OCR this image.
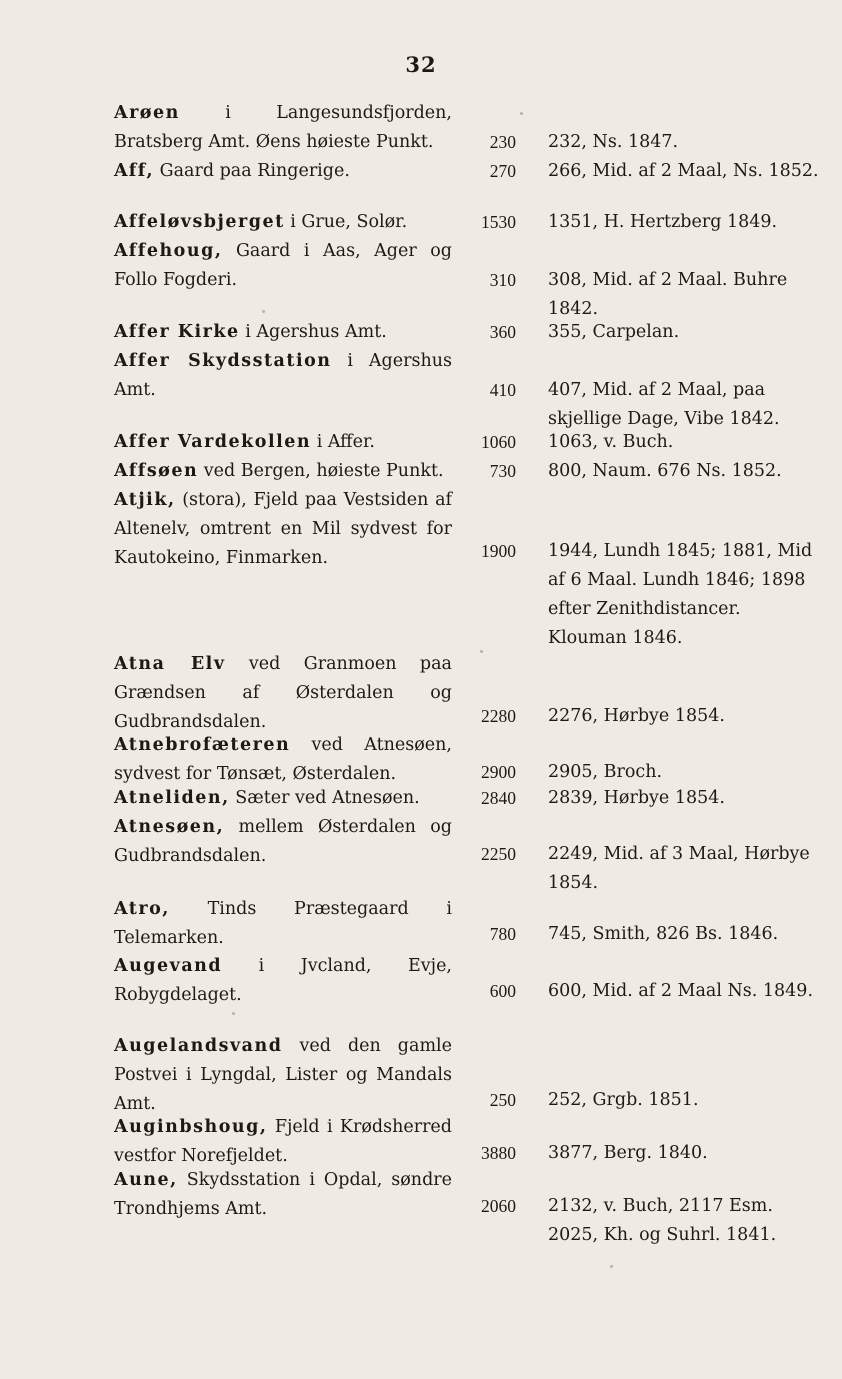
32
Arøen i Langesundsfjorden, Bratsberg Amt. Øens høieste Punkt.	230 232, Ns. 1847.
Aff, Gaard paa Ringerige.	270 266, Mid. af 2 Maal, Ns. 1852.
Affeløvsbjerget i Grue, Solør.	1530 1351, H. Hertzberg 1849.
Affehoug, Gaard i Aas, Ager og Follo Fogderi.	310 308, Mid. af 2 Maal. Buhre 1842.
Affer Kirke i Agershus Amt.	360 355, Carpelan.
Affer Skydsstation i Agershus Amt.	410 407, Mid. af 2 Maal, paa skjellige Dage, Vibe 1842.
Affer Vardekollen i Affer.	1060 1063, v. Buch.
Affsøen ved Bergen, høieste Punkt.	730 800, Naum. 676 Ns. 1852.
Atjik, (stora), Fjeld paa Vestsiden af Altenelv, omtrent en Mil sydvest for Kautokeino, Finmarken.	1900 1944, Lundh 1845; 1881, Mid af 6 Maal. Lundh 1846; 1898 efter Zenithdistancer. Klouman 1846.
Atna Elv ved Granmoen paa Grændsen af Østerdalen og Gudbrandsdalen.	2280 2276, Hørbye 1854.
Atnebrofæteren ved Atnesøen, sydvest for Tønsæt, Østerdalen.	2900 2905, Broch.
Atneliden, Sæter ved Atnesøen.	2840 2839, Hørbye 1854.
Atnesøen, mellem Østerdalen og Gudbrandsdalen.	2250 2249, Mid. af 3 Maal, Hørbye 1854.
Atro, Tinds Præstegaard i Telemarken.	780 745, Smith, 826 Bs. 1846.
Augevand i Jvcland, Evje, Robygdelaget.	600 600, Mid. af 2 Maal Ns. 1849.
Augelandsvand ved den gamle Postvei i Lyngdal, Lister og Mandals Amt.	250 252, Grgb. 1851.
Auginbshoug, Fjeld i Krødsherred vestfor Norefjeldet.	3880 3877, Berg. 1840.
Aune, Skydsstation i Opdal, søndre Trondhjems Amt.	2060 2132, v. Buch, 2117 Esm. 2025, Kh. og Suhrl. 1841.
